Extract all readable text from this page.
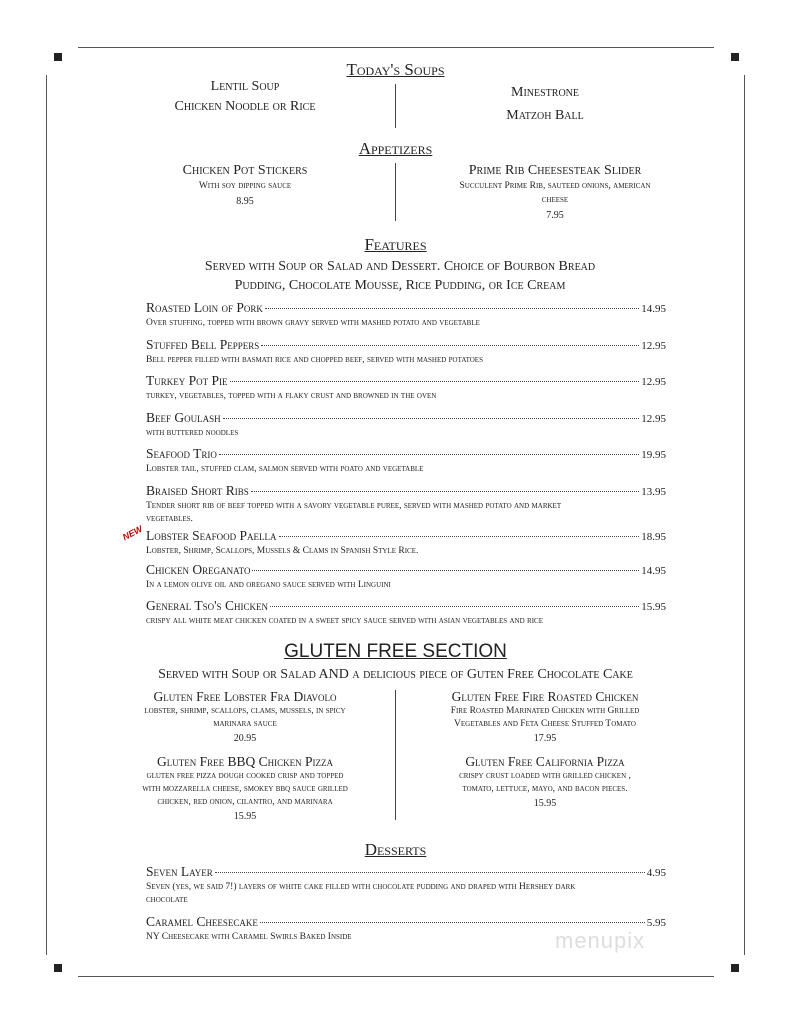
Today's Soups
Lentil Soup
Chicken Noodle or Rice
Minestrone
Matzoh Ball
Appetizers
Chicken Pot Stickers
With soy dipping sauce
8.95
Prime Rib Cheesesteak Slider
Succulent Prime Rib, sauteed onions, american
cheese
7.95
Features
Served with Soup or Salad and Dessert. Choice of Bourbon Bread
Pudding, Chocolate Mousse, Rice Pudding, or Ice Cream
Roasted Loin of Pork	14.95
Over stuffing, topped with brown gravy served with mashed potato and vegetable
Stuffed Bell Peppers	12.95
Bell pepper filled with basmati rice and chopped beef, served with mashed potatoes
Turkey Pot Pie	12.95
turkey, vegetables, topped with a flaky crust and browned in the oven
Beef Goulash	12.95
with buttered noodles
Seafood Trio	19.95
Lobster tail, stuffed clam, salmon served with poato and vegetable
Braised Short Ribs	13.95
Tender short rib of beef topped with a savory vegetable puree, served with mashed potato and market vegetables.
NEW Lobster Seafood Paella	18.95
Lobster, Shrimp, Scallops, Mussels & Clams in Spanish Style Rice.
Chicken Oreganato	14.95
In a lemon olive oil and oregano sauce served with Linguini
General Tso's Chicken	15.95
crispy all white meat chicken coated in a sweet spicy sauce served with asian vegetables and rice
GLUTEN FREE SECTION
Served with Soup or Salad AND a delicious piece of Guten Free Chocolate Cake
Gluten Free Lobster Fra Diavolo
lobster, shrimp, scallops, clams, mussels, in spicy
marinara sauce
20.95
Gluten Free Fire Roasted Chicken
Fire Roasted Marinated Chicken with Grilled
Vegetables and Feta Cheese Stuffed Tomato
17.95
Gluten Free BBQ Chicken Pizza
gluten free pizza dough cooked crisp and topped
with mozzarella cheese, smokey bbq sauce grilled
chicken, red onion, cilantro, and marinara
15.95
Gluten Free California Pizza
crispy crust loaded with grilled chicken ,
tomato, lettuce, mayo, and bacon pieces.
15.95
Desserts
Seven Layer	4.95
Seven (yes, we said 7!) layers of white cake filled with chocolate pudding and draped with Hershey dark chocolate
Caramel Cheesecake	5.95
NY Cheesecake with Caramel Swirls Baked Inside	menupix
